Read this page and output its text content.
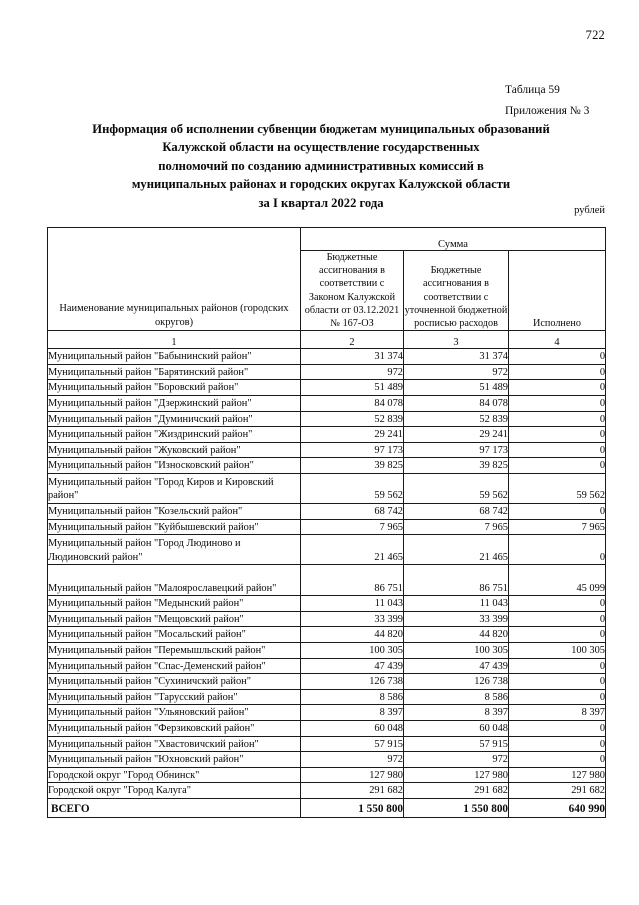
722
Таблица 59
Приложения № 3
Информация об исполнении субвенции бюджетам муниципальных образований
Калужской области на осуществление государственных
полномочий по созданию административных комиссий в
муниципальных районах и городских округах Калужской области
за I квартал 2022 года
рублей
Наименование муниципальных районов (городских округов)	Сумма		
	Бюджетные ассигнования в соответствии с Законом Калужской области от 03.12.2021 № 167-ОЗ	Бюджетные ассигнования в соответствии с уточненной бюджетной росписью расходов	Исполнено
1	2	3	4
Муниципальный район "Бабынинский район"	31 374	31 374	0
Муниципальный район "Барятинский район"	972	972	0
Муниципальный район "Боровский район"	51 489	51 489	0
Муниципальный район "Дзержинский район"	84 078	84 078	0
Муниципальный район "Думиничский район"	52 839	52 839	0
Муниципальный район "Жиздринский район"	29 241	29 241	0
Муниципальный район "Жуковский район"	97 173	97 173	0
Муниципальный район "Износковский район"	39 825	39 825	0
Муниципальный район "Город Киров и Кировский район"	59 562	59 562	59 562
Муниципальный район "Козельский район"	68 742	68 742	0
Муниципальный район "Куйбышевский район"	7 965	7 965	7 965
Муниципальный район "Город Людиново и Людиновский район"	21 465	21 465	0
Муниципальный район "Малоярославецкий район"	86 751	86 751	45 099
Муниципальный район "Медынский район"	11 043	11 043	0
Муниципальный район "Мещовский район"	33 399	33 399	0
Муниципальный район "Мосальский район"	44 820	44 820	0
Муниципальный район "Перемышльский район"	100 305	100 305	100 305
Муниципальный район "Спас-Деменский район"	47 439	47 439	0
Муниципальный район "Сухиничский район"	126 738	126 738	0
Муниципальный район "Тарусский район"	8 586	8 586	0
Муниципальный район "Ульяновский район"	8 397	8 397	8 397
Муниципальный район "Ферзиковский район"	60 048	60 048	0
Муниципальный район "Хвастовичский район"	57 915	57 915	0
Муниципальный район "Юхновский район"	972	972	0
Городской округ "Город Обнинск"	127 980	127 980	127 980
Городской округ "Город Калуга"	291 682	291 682	291 682
ВСЕГО	1 550 800	1 550 800	640 990
